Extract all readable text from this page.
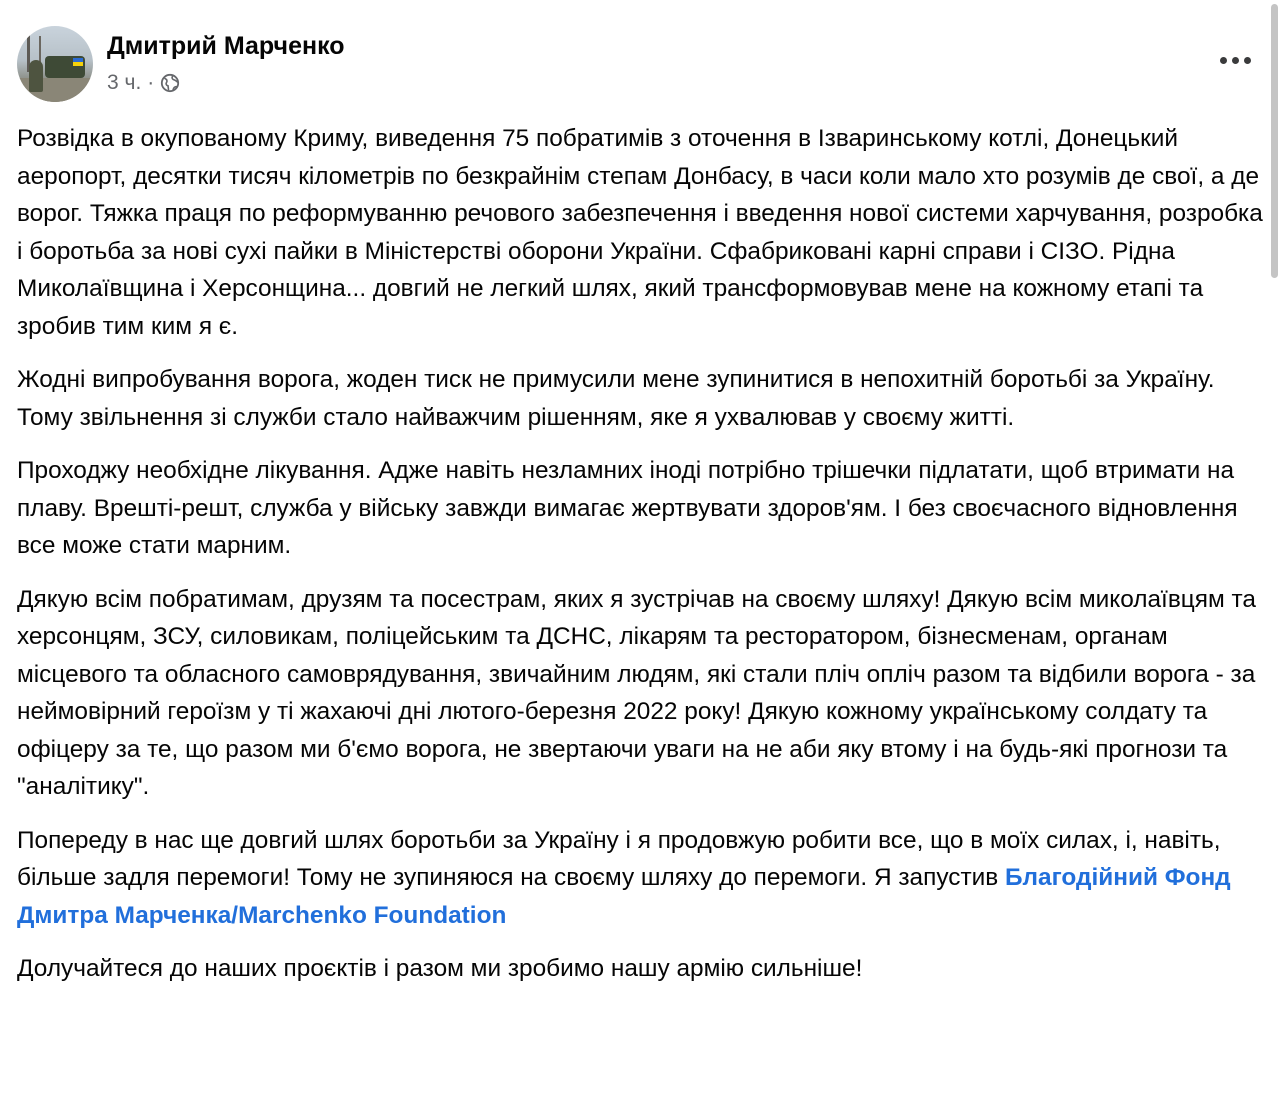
Дмитрий Марченко
3 ч. ·

Розвідка в окупованому Криму, виведення 75 побратимів з оточення в Ізваринському котлі, Донецький аеропорт, десятки тисяч кілометрів по безкрайнім степам Донбасу, в часи коли мало хто розумів де свої, а де ворог. Тяжка праця по реформуванню речового забезпечення і введення нової системи харчування, розробка і боротьба за нові сухі пайки в Міністерстві оборони України. Сфабриковані карні справи і СІЗО. Рідна Миколаївщина і Херсонщина... довгий не легкий шлях, який трансформовував мене на кожному етапі та зробив тим ким я є.

Жодні випробування ворога, жоден тиск не примусили мене зупинитися в непохитній боротьбі за Україну. Тому звільнення зі служби стало найважчим рішенням, яке я ухвалював у своєму житті.

Проходжу необхідне лікування. Адже навіть незламних іноді потрібно трішечки підлатати, щоб втримати на плаву. Врешті-решт, служба у війську завжди вимагає жертвувати здоров'ям. І без своєчасного відновлення все може стати марним.

Дякую всім побратимам, друзям та посестрам, яких я зустрічав на своєму шляху! Дякую всім миколаївцям та херсонцям, ЗСУ, силовикам, поліцейським та ДСНС, лікарям та ресторатором, бізнесменам, органам місцевого та обласного самоврядування, звичайним людям, які стали пліч опліч разом та відбили ворога - за неймовірний героїзм у ті жахаючі дні лютого-березня 2022 року! Дякую кожному українському солдату та офіцеру за те, що разом ми б'ємо ворога, не звертаючи уваги на не аби яку втому і на будь-які прогнози та "аналітику".

Попереду в нас ще довгий шлях боротьби за Україну і я продовжую робити все, що в моїх силах, і, навіть, більше задля перемоги! Тому не зупиняюся на своєму шляху до перемоги. Я запустив Благодійний Фонд Дмитра Марченка/Marchenko Foundation

Долучайтеся до наших проєктів і разом ми зробимо нашу армію сильніше!
